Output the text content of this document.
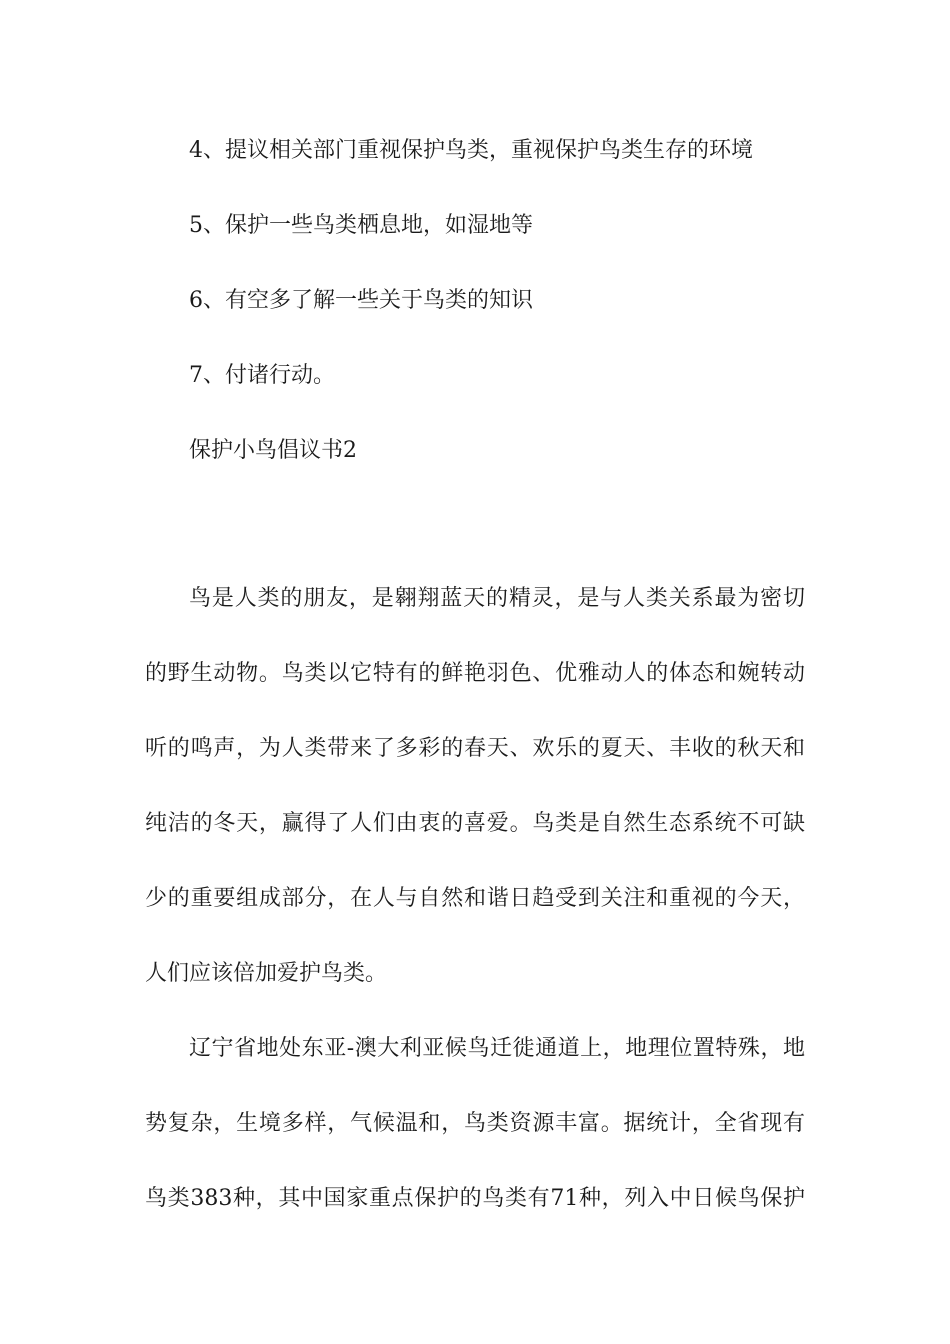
4、提议相关部门重视保护鸟类，重视保护鸟类生存的环境
5、保护一些鸟类栖息地，如湿地等
6、有空多了解一些关于鸟类的知识
7、付诸行动。
保护小鸟倡议书2
鸟是人类的朋友，是翱翔蓝天的精灵，是与人类关系最为密切
的野生动物。鸟类以它特有的鲜艳羽色、优雅动人的体态和婉转动
听的鸣声，为人类带来了多彩的春天、欢乐的夏天、丰收的秋天和
纯洁的冬天，赢得了人们由衷的喜爱。鸟类是自然生态系统不可缺
少的重要组成部分，在人与自然和谐日趋受到关注和重视的今天，
人们应该倍加爱护鸟类。
辽宁省地处东亚-澳大利亚候鸟迁徙通道上，地理位置特殊，地
势复杂，生境多样，气候温和，鸟类资源丰富。据统计，全省现有
鸟类383种，其中国家重点保护的鸟类有71种，列入中日候鸟保护
